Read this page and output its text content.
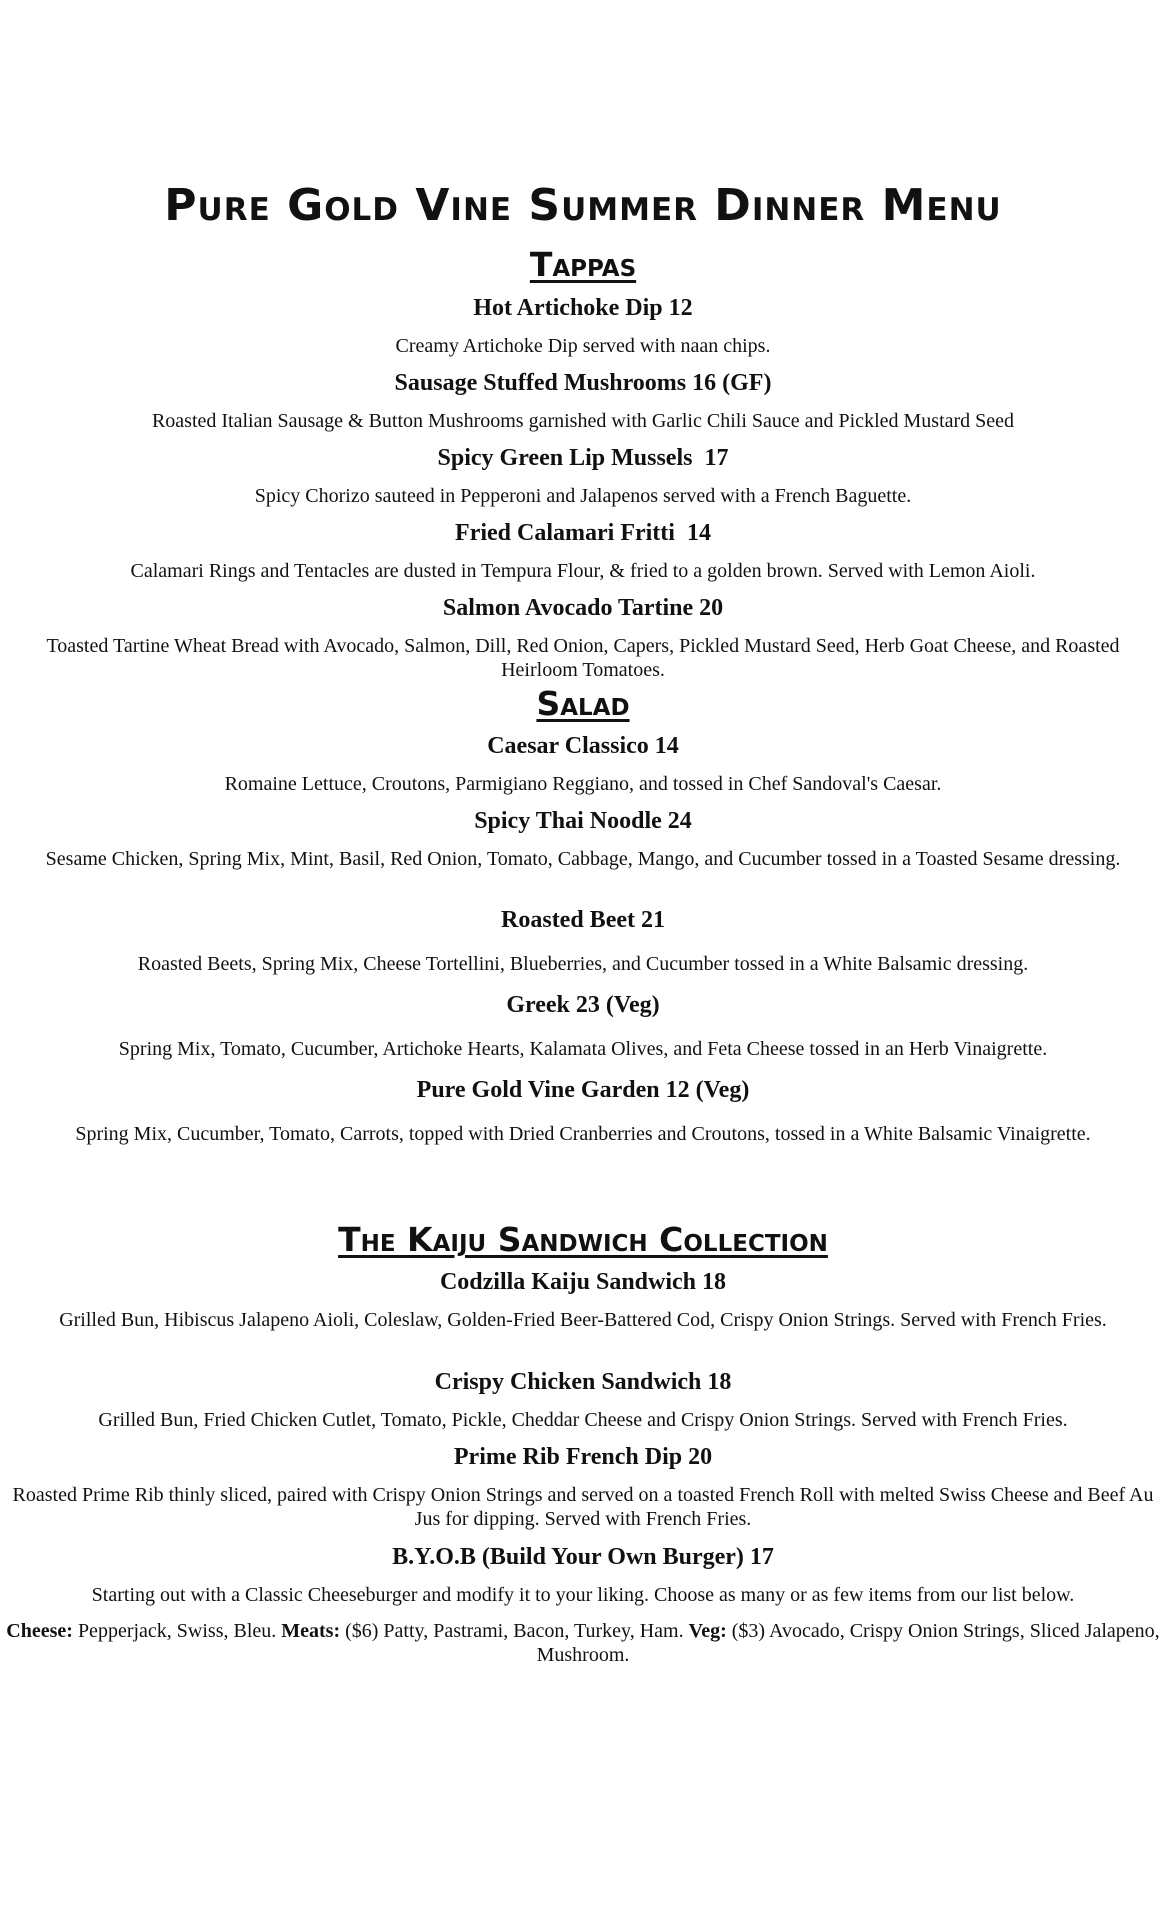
Pure Gold Vine Summer Dinner Menu
Tappas
Hot Artichoke Dip 12
Creamy Artichoke Dip served with naan chips.
Sausage Stuffed Mushrooms 16 (GF)
Roasted Italian Sausage & Button Mushrooms garnished with Garlic Chili Sauce and Pickled Mustard Seed
Spicy Green Lip Mussels  17
Spicy Chorizo sauteed in Pepperoni and Jalapenos served with a French Baguette.
Fried Calamari Fritti  14
Calamari Rings and Tentacles are dusted in Tempura Flour, & fried to a golden brown. Served with Lemon Aioli.
Salmon Avocado Tartine 20
Toasted Tartine Wheat Bread with Avocado, Salmon, Dill, Red Onion, Capers, Pickled Mustard Seed, Herb Goat Cheese, and Roasted Heirloom Tomatoes.
Salad
Caesar Classico 14
Romaine Lettuce, Croutons, Parmigiano Reggiano, and tossed in Chef Sandoval's Caesar.
Spicy Thai Noodle 24
Sesame Chicken, Spring Mix, Mint, Basil, Red Onion, Tomato, Cabbage, Mango, and Cucumber tossed in a Toasted Sesame dressing.
Roasted Beet 21
Roasted Beets, Spring Mix, Cheese Tortellini, Blueberries, and Cucumber tossed in a White Balsamic dressing.
Greek 23 (Veg)
Spring Mix, Tomato, Cucumber, Artichoke Hearts, Kalamata Olives, and Feta Cheese tossed in an Herb Vinaigrette.
Pure Gold Vine Garden 12 (Veg)
Spring Mix, Cucumber, Tomato, Carrots, topped with Dried Cranberries and Croutons, tossed in a White Balsamic Vinaigrette.
The Kaiju Sandwich Collection
Codzilla Kaiju Sandwich 18
Grilled Bun, Hibiscus Jalapeno Aioli, Coleslaw, Golden-Fried Beer-Battered Cod, Crispy Onion Strings. Served with French Fries.
Crispy Chicken Sandwich 18
Grilled Bun, Fried Chicken Cutlet, Tomato, Pickle, Cheddar Cheese and Crispy Onion Strings. Served with French Fries.
Prime Rib French Dip 20
Roasted Prime Rib thinly sliced, paired with Crispy Onion Strings and served on a toasted French Roll with melted Swiss Cheese and Beef Au Jus for dipping. Served with French Fries.
B.Y.O.B (Build Your Own Burger) 17
Starting out with a Classic Cheeseburger and modify it to your liking. Choose as many or as few items from our list below.
Cheese: Pepperjack, Swiss, Bleu. Meats: ($6) Patty, Pastrami, Bacon, Turkey, Ham. Veg: ($3) Avocado, Crispy Onion Strings, Sliced Jalapeno, Mushroom.
